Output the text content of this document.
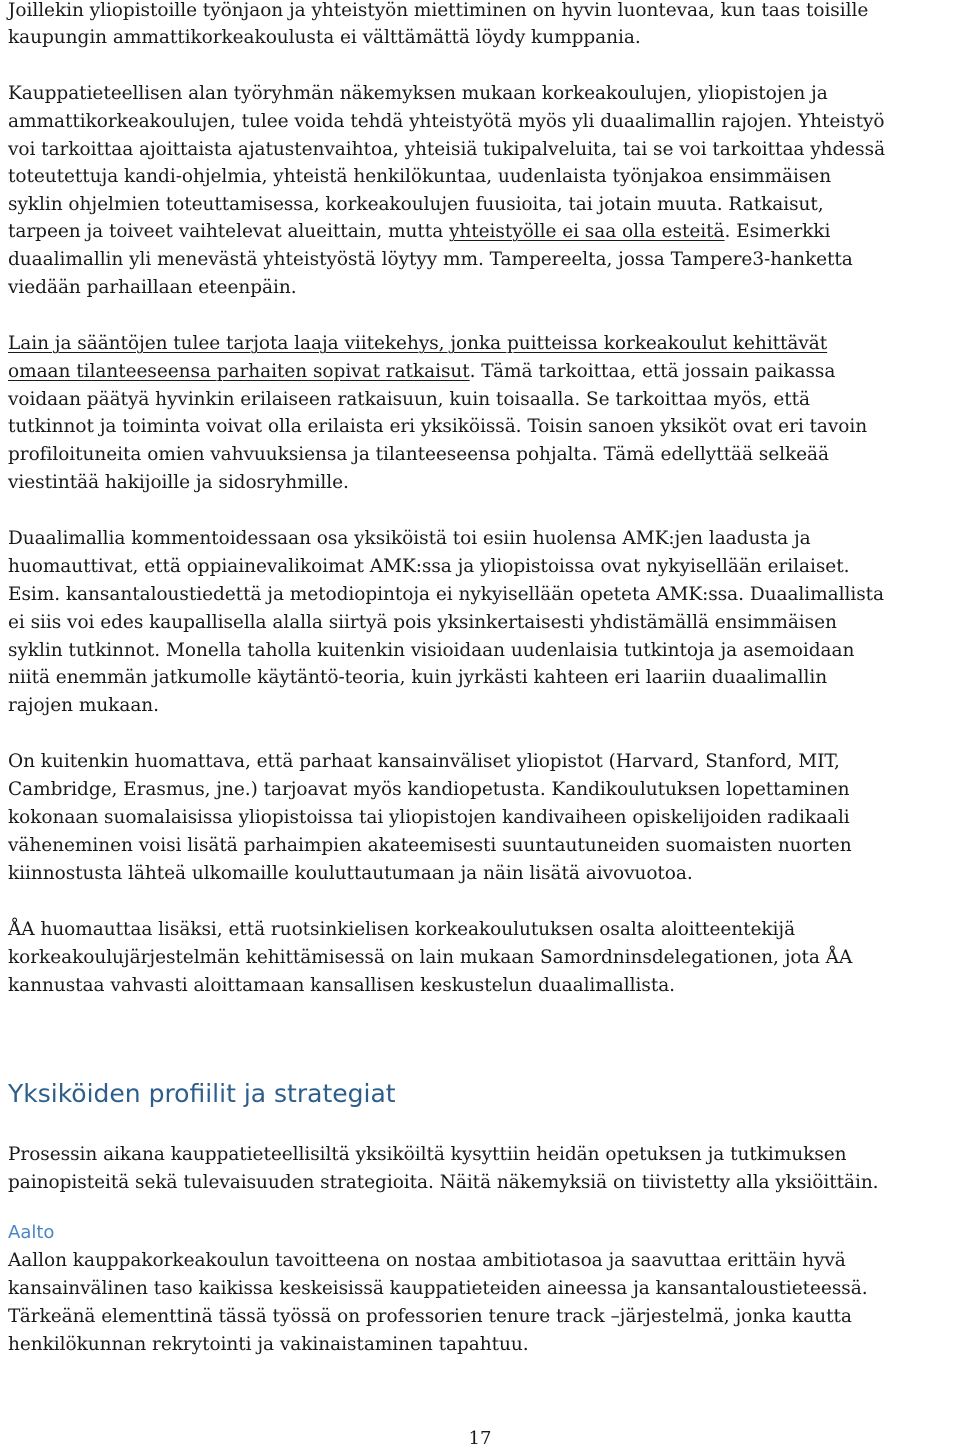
Joillekin yliopistoille työnjaon ja yhteistyön miettiminen on hyvin luontevaa, kun taas toisille
kaupungin ammattikorkeakoulusta ei välttämättä löydy kumppania.
Kauppatieteellisen alan työryhmän näkemyksen mukaan korkeakoulujen, yliopistojen ja
ammattikorkeakoulujen, tulee voida tehdä yhteistyötä myös yli duaalimallin rajojen. Yhteistyö
voi tarkoittaa ajoittaista ajatustenvaihtoa, yhteisiä tukipalveluita, tai se voi tarkoittaa yhdessä
toteutettuja kandi-ohjelmia, yhteistä henkilökuntaa, uudenlaista työnjakoa ensimmäisen
syklin ohjelmien toteuttamisessa, korkeakoulujen fuusioita, tai jotain muuta. Ratkaisut,
tarpeen ja toiveet vaihtelevat alueittain, mutta yhteistyölle ei saa olla esteitä. Esimerkki
duaalimallin yli menevästä yhteistyöstä löytyy mm. Tampereelta, jossa Tampere3-hanketta
viedään parhaillaan eteenpäin.
Lain ja sääntöjen tulee tarjota laaja viitekehys, jonka puitteissa korkeakoulut kehittävät
omaan tilanteeseensa parhaiten sopivat ratkaisut. Tämä tarkoittaa, että jossain paikassa
voidaan päätyä hyvinkin erilaiseen ratkaisuun, kuin toisaalla. Se tarkoittaa myös, että
tutkinnot ja toiminta voivat olla erilaista eri yksiköissä. Toisin sanoen yksiköt ovat eri tavoin
profiloituneita omien vahvuuksiensa ja tilanteeseensa pohjalta. Tämä edellyttää selkeää
viestintää hakijoille ja sidosryhmille.
Duaalimallia kommentoidessaan osa yksiköistä toi esiin huolensa AMK:jen laadusta ja
huomauttivat, että oppiainevalikoimat AMK:ssa ja yliopistoissa ovat nykyisellään erilaiset.
Esim. kansantaloustiedettä ja metodiopintoja ei nykyisellään opeteta AMK:ssa. Duaalimallista
ei siis voi edes kaupallisella alalla siirtyä pois yksinkertaisesti yhdistämällä ensimmäisen
syklin tutkinnot. Monella taholla kuitenkin visioidaan uudenlaisia tutkintoja ja asemoidaan
niitä enemmän jatkumolle käytäntö-teoria, kuin jyrkästi kahteen eri laariin duaalimallin
rajojen mukaan.
On kuitenkin huomattava, että parhaat kansainväliset yliopistot (Harvard, Stanford, MIT,
Cambridge, Erasmus, jne.) tarjoavat myös kandiopetusta. Kandikoulutuksen lopettaminen
kokonaan suomalaisissa yliopistoissa tai yliopistojen kandivaiheen opiskelijoiden radikaali
väheneminen voisi lisätä parhaimpien akateemisesti suuntautuneiden suomaisten nuorten
kiinnostusta lähteä ulkomaille kouluttautumaan ja näin lisätä aivovuotoa.
ÅA huomauttaa lisäksi, että ruotsinkielisen korkeakoulutuksen osalta aloitteentekijä
korkeakoulujärjestelmän kehittämisessä on lain mukaan Samordninsdelegationen, jota ÅA
kannustaa vahvasti aloittamaan kansallisen keskustelun duaalimallista.
Yksiköiden profiilit ja strategiat
Prosessin aikana kauppatieteellisiltä yksiköiltä kysyttiin heidän opetuksen ja tutkimuksen
painopisteitä sekä tulevaisuuden strategioita. Näitä näkemyksiä on tiivistetty alla yksiöittäin.
Aalto
Aallon kauppakorkeakoulun tavoitteena on nostaa ambitiotasoa ja saavuttaa erittäin hyvä
kansainvälinen taso kaikissa keskeisissä kauppatieteiden aineessa ja kansantaloustieteessä.
Tärkeänä elementtinä tässä työssä on professorien tenure track –järjestelmä, jonka kautta
henkilökunnan rekrytointi ja vakinaistaminen tapahtuu.
17
